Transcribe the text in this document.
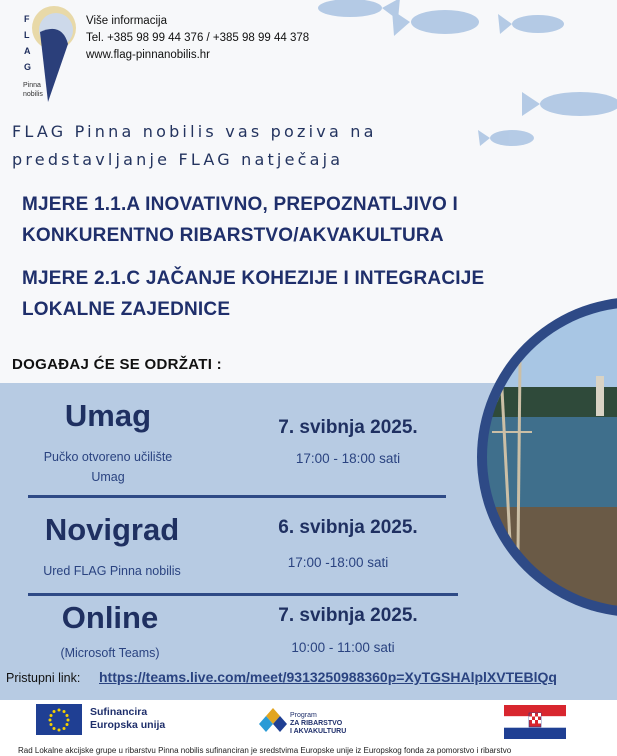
F
L
A
G
Pinna
nobilis
Više informacija
Tel. +385 98 99 44 376 / +385 98 99 44 378
www.flag-pinnanobilis.hr
FLAG Pinna nobilis vas poziva na
predstavljanje FLAG natječaja
MJERE 1.1.A INOVATIVNO, PREPOZNATLJIVO I
KONKURENTNO RIBARSTVO/AKVAKULTURA
MJERE 2.1.C JAČANJE KOHEZIJE I INTEGRACIJE
LOKALNE ZAJEDNICE
DOGAĐAJ ĆE SE ODRŽATI :
Umag
Pučko otvoreno učilište
Umag
7. svibnja 2025.
17:00 - 18:00 sati
Novigrad
Ured FLAG Pinna nobilis
6. svibnja 2025.
17:00 -18:00 sati
Online
(Microsoft Teams)
7. svibnja 2025.
10:00 - 11:00 sati
Pristupni link: https://teams.live.com/meet/9313250988360p=XyTGSHAlplXVTEBlQq
Sufinancira
Europska unija
Program
ZA RIBARSTVO
I AKVAKULTURU
Rad Lokalne akcijske grupe u ribarstvu Pinna nobilis sufinanciran je sredstvima Europske unije iz Europskog fonda za pomorstvo i ribarstvo
